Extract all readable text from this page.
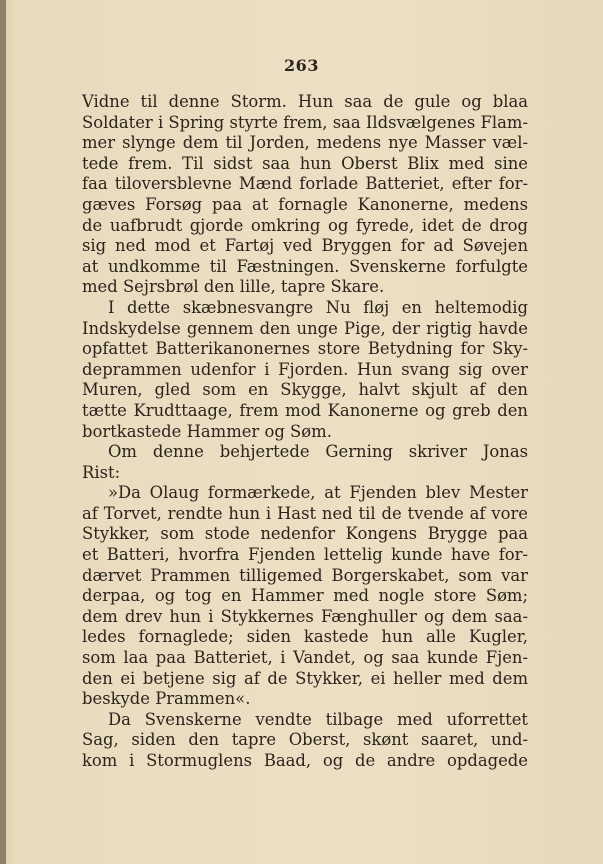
263
Vidne til denne Storm. Hun saa de gule og blaa
Soldater i Spring styrte frem, saa Ildsvælgenes Flam-
mer slynge dem til Jorden, medens nye Masser væl-
tede frem. Til sidst saa hun Oberst Blix med sine
faa tiloversblevne Mænd forlade Batteriet, efter for-
gæves Forsøg paa at fornagle Kanonerne, medens
de uafbrudt gjorde omkring og fyrede, idet de drog
sig ned mod et Fartøj ved Bryggen for ad Søvejen
at undkomme til Fæstningen. Svenskerne forfulgte
med Sejrsbrøl den lille, tapre Skare.
I dette skæbnesvangre Nu fløj en heltemodig
Indskydelse gennem den unge Pige, der rigtig havde
opfattet Batterikanonernes store Betydning for Sky-
deprammen udenfor i Fjorden. Hun svang sig over
Muren, gled som en Skygge, halvt skjult af den
tætte Krudttaage, frem mod Kanonerne og greb den
bortkastede Hammer og Søm.
Om denne behjertede Gerning skriver Jonas
Rist:
»Da Olaug formærkede, at Fjenden blev Mester
af Torvet, rendte hun i Hast ned til de tvende af vore
Stykker, som stode nedenfor Kongens Brygge paa
et Batteri, hvorfra Fjenden lettelig kunde have for-
dærvet Prammen tilligemed Borgerskabet, som var
derpaa, og tog en Hammer med nogle store Søm;
dem drev hun i Stykkernes Fænghuller og dem saa-
ledes fornaglede; siden kastede hun alle Kugler,
som laa paa Batteriet, i Vandet, og saa kunde Fjen-
den ei betjene sig af de Stykker, ei heller med dem
beskyde Prammen«.
Da Svenskerne vendte tilbage med uforrettet
Sag, siden den tapre Oberst, skønt saaret, und-
kom i Stormuglens Baad, og de andre opdagede
